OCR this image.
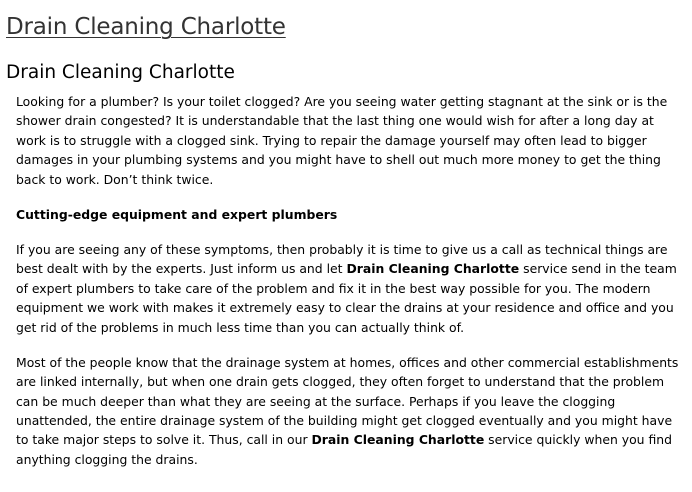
Drain Cleaning Charlotte
Drain Cleaning Charlotte

Looking for a plumber? Is your toilet clogged? Are you seeing water getting stagnant at the sink or is the shower drain congested? It is understandable that the last thing one would wish for after a long day at work is to struggle with a clogged sink. Trying to repair the damage yourself may often lead to bigger damages in your plumbing systems and you might have to shell out much more money to get the thing back to work. Don’t think twice.

Cutting-edge equipment and expert plumbers

If you are seeing any of these symptoms, then probably it is time to give us a call as technical things are best dealt with by the experts. Just inform us and let Drain Cleaning Charlotte service send in the team of expert plumbers to take care of the problem and fix it in the best way possible for you. The modern equipment we work with makes it extremely easy to clear the drains at your residence and office and you get rid of the problems in much less time than you can actually think of.

Most of the people know that the drainage system at homes, offices and other commercial establishments are linked internally, but when one drain gets clogged, they often forget to understand that the problem can be much deeper than what they are seeing at the surface. Perhaps if you leave the clogging unattended, the entire drainage system of the building might get clogged eventually and you might have to take major steps to solve it. Thus, call in our Drain Cleaning Charlotte service quickly when you find anything clogging the drains.
